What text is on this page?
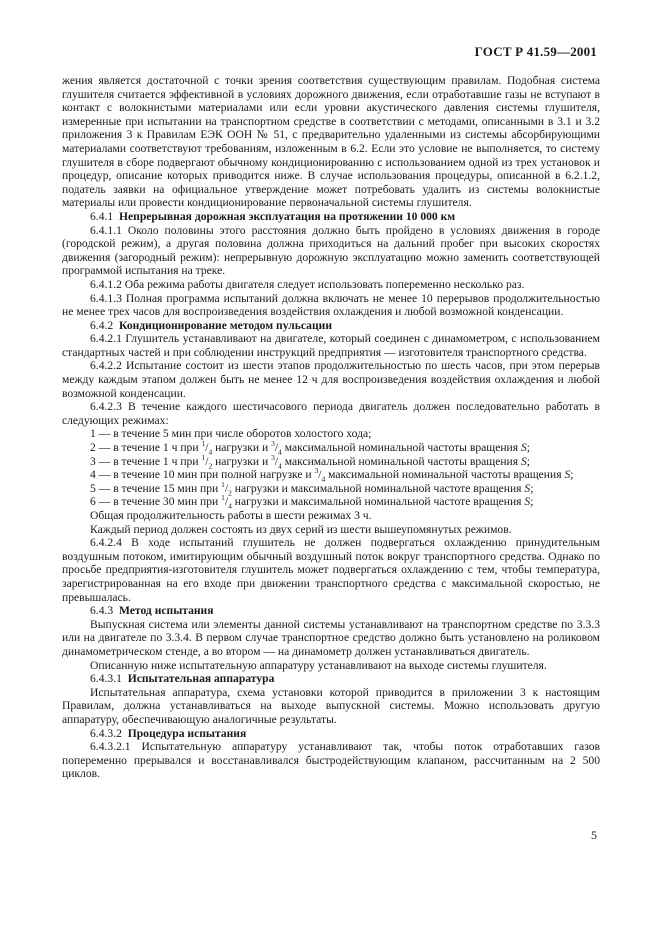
ГОСТ Р 41.59—2001

жения является достаточной с точки зрения соответствия существующим правилам. Подобная система глушителя считается эффективной в условиях дорожного движения, если отработавшие газы не вступают в контакт с волокнистыми материалами или если уровни акустического давления системы глушителя, измеренные при испытании на транспортном средстве в соответствии с методами, описанными в 3.1 и 3.2 приложения 3 к Правилам ЕЭК ООН № 51, с предварительно удаленными из системы абсорбирующими материалами соответствуют требованиям, изложенным в 6.2. Если это условие не выполняется, то систему глушителя в сборе подвергают обычному кондиционированию с использованием одной из трех установок и процедур, описание которых приводится ниже. В случае использования процедуры, описанной в 6.2.1.2, податель заявки на официальное утверждение может потребовать удалить из системы волокнистые материалы или провести кондиционирование первоначальной системы глушителя.

6.4.1 Непрерывная дорожная эксплуатация на протяжении 10 000 км

6.4.1.1 Около половины этого расстояния должно быть пройдено в условиях движения в городе (городской режим), а другая половина должна приходиться на дальний пробег при высоких скоростях движения (загородный режим): непрерывную дорожную эксплуатацию можно заменить соответствующей программой испытания на треке.

6.4.1.2 Оба режима работы двигателя следует использовать попеременно несколько раз.

6.4.1.3 Полная программа испытаний должна включать не менее 10 перерывов продолжительностью не менее трех часов для воспроизведения воздействия охлаждения и любой возможной конденсации.

6.4.2 Кондиционирование методом пульсации

6.4.2.1 Глушитель устанавливают на двигателе, который соединен с динамометром, с использованием стандартных частей и при соблюдении инструкций предприятия — изготовителя транспортного средства.

6.4.2.2 Испытание состоит из шести этапов продолжительностью по шесть часов, при этом перерыв между каждым этапом должен быть не менее 12 ч для воспроизведения воздействия охлаждения и любой возможной конденсации.

6.4.2.3 В течение каждого шестичасового периода двигатель должен последовательно работать в следующих режимах:

1 — в течение 5 мин при числе оборотов холостого хода;

2 — в течение 1 ч при $^1/_4$ нагрузки и $^3/_4$ максимальной номинальной частоты вращения S;

3 — в течение 1 ч при $^1/_2$ нагрузки и $^3/_4$ максимальной номинальной частоты вращения S;

4 — в течение 10 мин при полной нагрузке и $^3/_4$ максимальной номинальной частоты вращения S;

5 — в течение 15 мин при $^1/_2$ нагрузки и максимальной номинальной частоте вращения S;

6 — в течение 30 мин при $^1/_4$ нагрузки и максимальной номинальной частоте вращения S;

Общая продолжительность работы в шести режимах 3 ч.

Каждый период должен состоять из двух серий из шести вышеупомянутых режимов.

6.4.2.4 В ходе испытаний глушитель не должен подвергаться охлаждению принудительным воздушным потоком, имитирующим обычный воздушный поток вокруг транспортного средства. Однако по просьбе предприятия-изготовителя глушитель может подвергаться охлаждению с тем, чтобы температура, зарегистрированная на его входе при движении транспортного средства с максимальной скоростью, не превышалась.

6.4.3 Метод испытания

Выпускная система или элементы данной системы устанавливают на транспортном средстве по 3.3.3 или на двигателе по 3.3.4. В первом случае транспортное средство должно быть установлено на роликовом динамометрическом стенде, а во втором — на динамометр должен устанавливаться двигатель.

Описанную ниже испытательную аппаратуру устанавливают на выходе системы глушителя.

6.4.3.1 Испытательная аппаратура

Испытательная аппаратура, схема установки которой приводится в приложении 3 к настоящим Правилам, должна устанавливаться на выходе выпускной системы. Можно использовать другую аппаратуру, обеспечивающую аналогичные результаты.

6.4.3.2 Процедура испытания

6.4.3.2.1 Испытательную аппаратуру устанавливают так, чтобы поток отработавших газов попеременно прерывался и восстанавливался быстродействующим клапаном, рассчитанным на 2 500 циклов.

5
